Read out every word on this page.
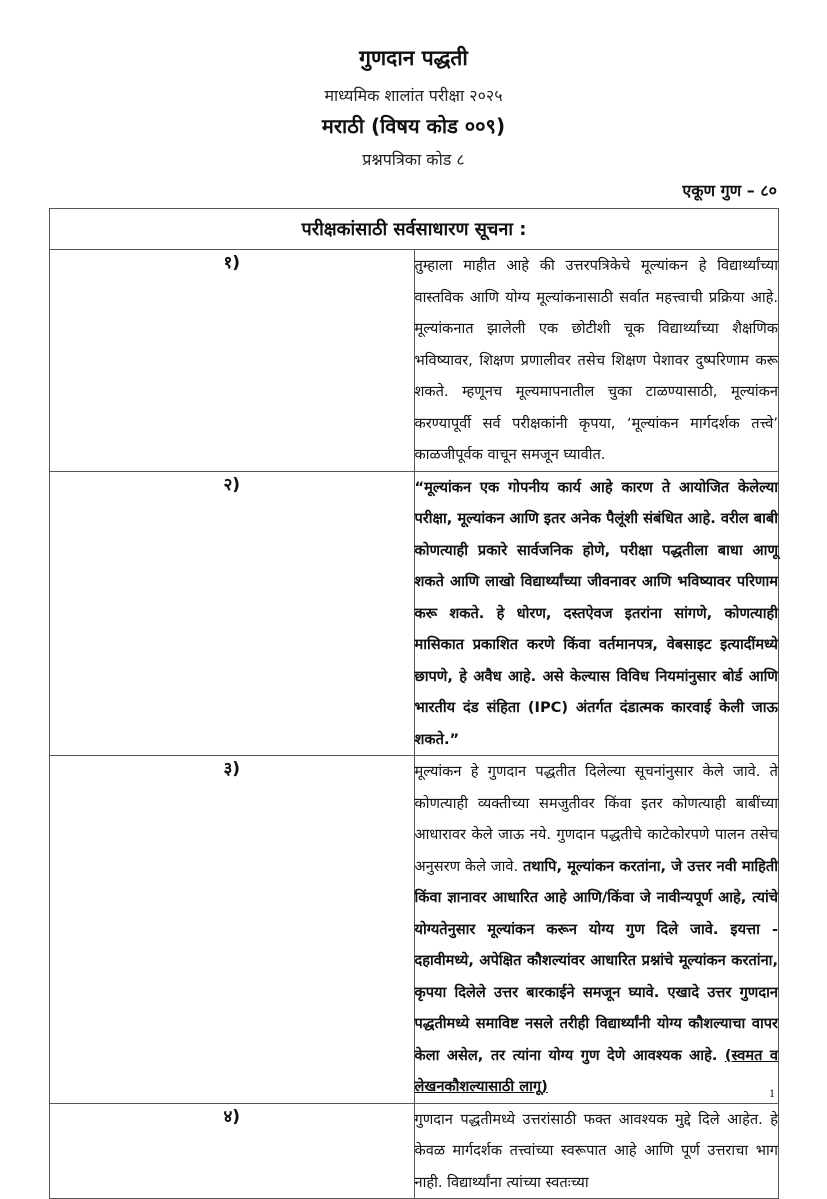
गुणदान पद्धती
माध्यमिक शालांत परीक्षा २०२५
मराठी (विषय कोड ००९)
प्रश्नपत्रिका कोड ८
एकूण गुण – ८०
परीक्षकांसाठी सर्वसाधारण सूचना :	
१)	तुम्हाला माहीत आहे की उत्तरपत्रिकेचे मूल्यांकन हे विद्यार्थ्यांच्या वास्तविक आणि योग्य मूल्यांकनासाठी सर्वात महत्त्वाची प्रक्रिया आहे. मूल्यांकनात झालेली एक छोटीशी चूक विद्यार्थ्यांच्या शैक्षणिक भविष्यावर, शिक्षण प्रणालीवर तसेच शिक्षण पेशावर दुष्परिणाम करू शकते. म्हणूनच मूल्यमापनातील चुका टाळण्यासाठी, मूल्यांकन करण्यापूर्वी सर्व परीक्षकांनी कृपया, ‘मूल्यांकन मार्गदर्शक तत्त्वे’ काळजीपूर्वक वाचून समजून घ्यावीत.
२)	“मूल्यांकन एक गोपनीय कार्य आहे कारण ते आयोजित केलेल्या परीक्षा, मूल्यांकन आणि इतर अनेक पैलूंशी संबंधित आहे. वरील बाबी कोणत्याही प्रकारे सार्वजनिक होणे, परीक्षा पद्धतीला बाधा आणू शकते आणि लाखो विद्यार्थ्यांच्या जीवनावर आणि भविष्यावर परिणाम करू शकते. हे धोरण, दस्तऐवज इतरांना सांगणे, कोणत्याही मासिकात प्रकाशित करणे किंवा वर्तमानपत्र, वेबसाइट इत्यादींमध्ये छापणे, हे अवैध आहे. असे केल्यास विविध नियमांनुसार बोर्ड आणि भारतीय दंड संहिता (IPC) अंतर्गत दंडात्मक कारवाई केली जाऊ शकते.”
३)	मूल्यांकन हे गुणदान पद्धतीत दिलेल्या सूचनांनुसार केले जावे. ते कोणत्याही व्यक्तीच्या समजुतीवर किंवा इतर कोणत्याही बाबींच्या आधारावर केले जाऊ नये. गुणदान पद्धतीचे काटेकोरपणे पालन तसेच अनुसरण केले जावे. तथापि, मूल्यांकन करतांना, जे उत्तर नवी माहिती किंवा ज्ञानावर आधारित आहे आणि/किंवा जे नावीन्यपूर्ण आहे, त्यांचे योग्यतेनुसार मूल्यांकन करून योग्य गुण दिले जावे. इयत्ता - दहावीमध्ये, अपेक्षित कौशल्यांवर आधारित प्रश्नांचे मूल्यांकन करतांना, कृपया दिलेले उत्तर बारकाईने समजून घ्यावे. एखादे उत्तर गुणदान पद्धतीमध्ये समाविष्ट नसले तरीही विद्यार्थ्यांनी योग्य कौशल्याचा वापर केला असेल, तर त्यांना योग्य गुण देणे आवश्यक आहे. (स्वमत व लेखनकौशल्यासाठी लागू)
४)	गुणदान पद्धतीमध्ये उत्तरांसाठी फक्त आवश्यक मुद्दे दिले आहेत. हे केवळ मार्गदर्शक तत्त्वांच्या स्वरूपात आहे आणि पूर्ण उत्तराचा भाग नाही. विद्यार्थ्यांना त्यांच्या स्वतःच्या
1
